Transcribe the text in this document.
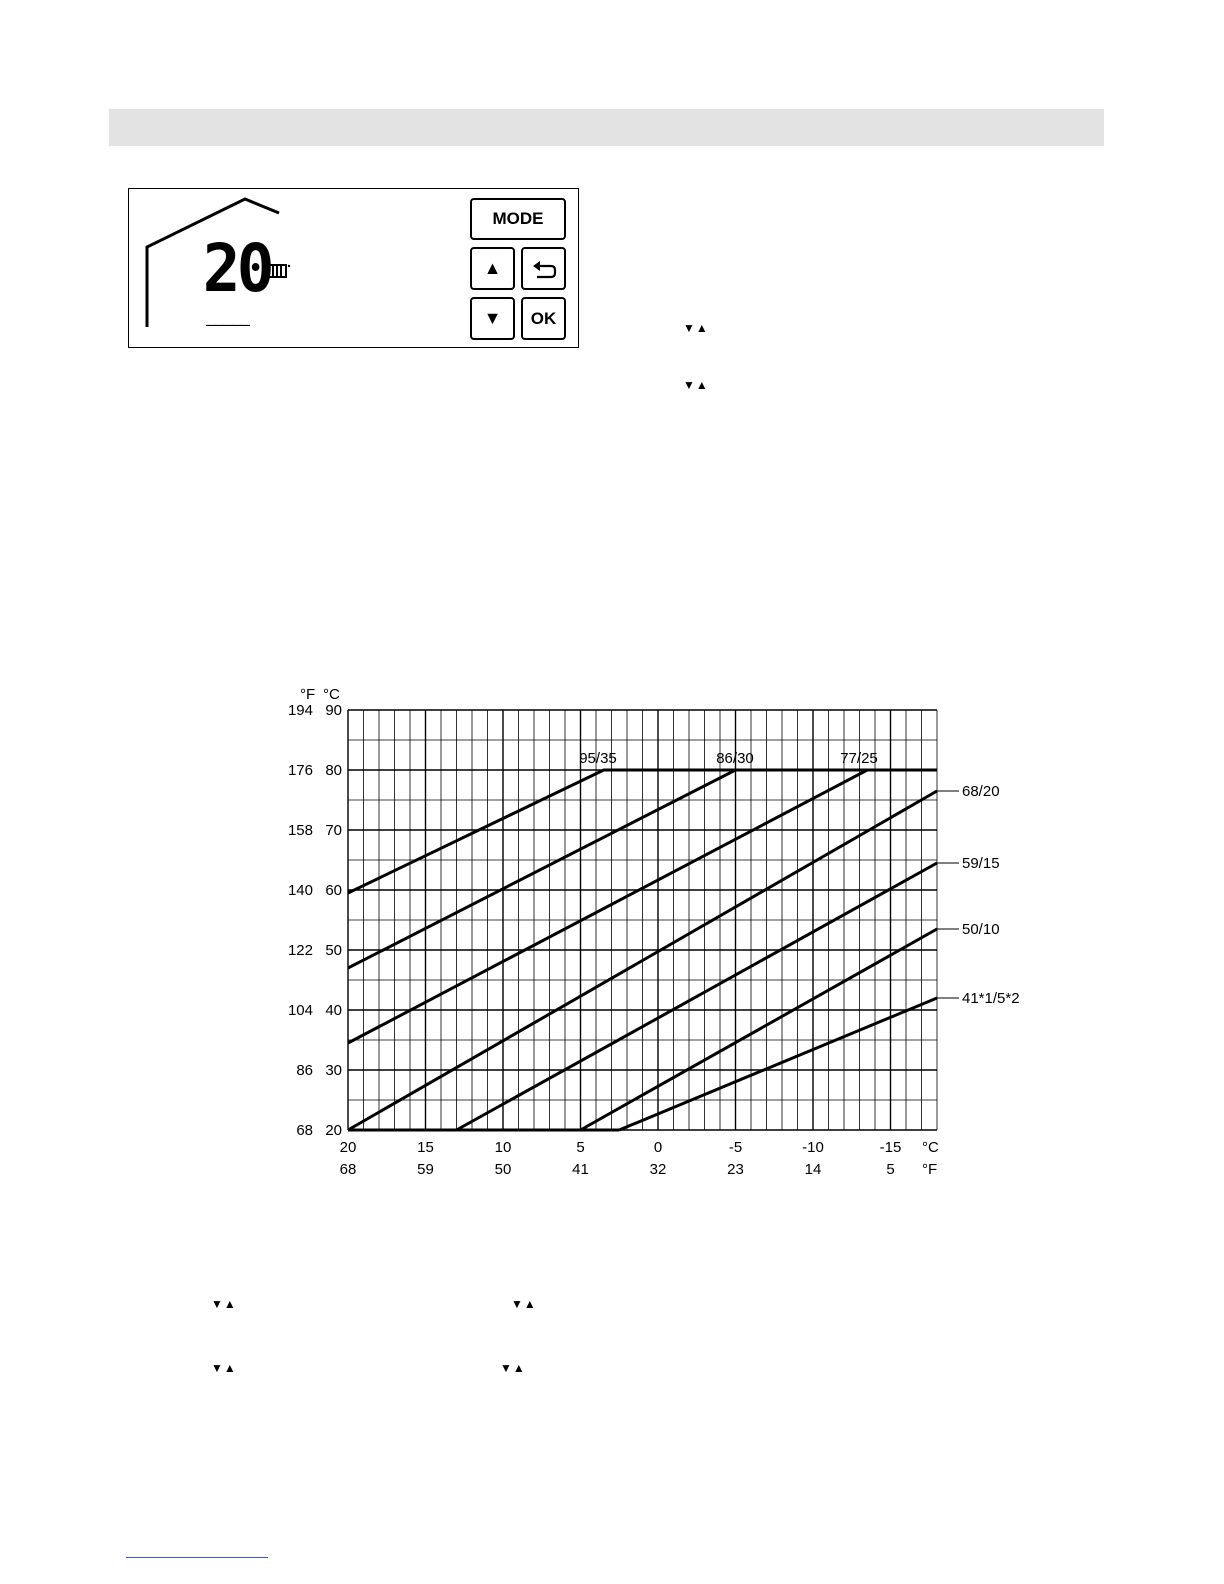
20
—————
MODE
▲
▼	OK
▼▲
▼▲
▼▲	▼▲
▼▲	▼▲
90
194
80
176
70
158
60
140
50
122
40
104
30
86
20
68
°F °C
20
68
15
59
10
50
5
41
0
32
-5
23
-10
14
-15
5
°C
°F
95/35	86/30	77/25
68/20
59/15
50/10
41*1/5*2
